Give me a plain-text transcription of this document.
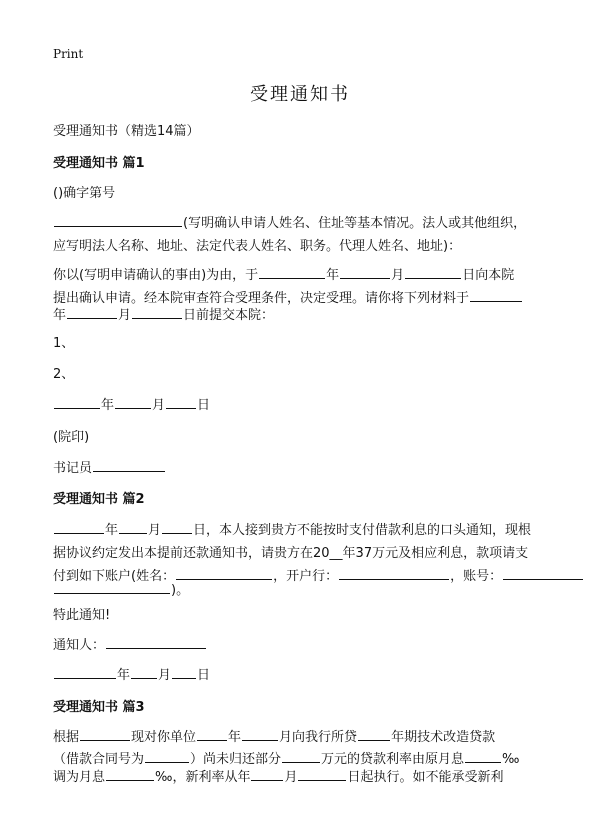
Print
受理通知书
受理通知书（精选14篇）
受理通知书 篇1
()确字第号
(写明确认申请人姓名、住址等基本情况。法人或其他组织，
应写明法人名称、地址、法定代表人姓名、职务。代理人姓名、地址)：
你以(写明申请确认的事由)为由，于	年	月	日向本院
提出确认申请。经本院审查符合受理条件，决定受理。请你将下列材料于
年	月	日前提交本院：
1、
2、
年	月 日
(院印)
书记员
受理通知书 篇2
年 月 日，本人接到贵方不能按时支付借款利息的口头通知，现根
据协议约定发出本提前还款通知书，请贵方在20__年37万元及相应利息，款项请支
付到如下账户(姓名：	，开户行：	，账号：
)。
特此通知!
通知人：
年 月 日
受理通知书 篇3
根据	现对你单位 年	月向我行所贷	年期技术改造贷款
（借款合同号为	）尚未归还部分	万元的贷款利率由原月息	‰
调为月息	‰，新利率从年	月	日起执行。如不能承受新利
